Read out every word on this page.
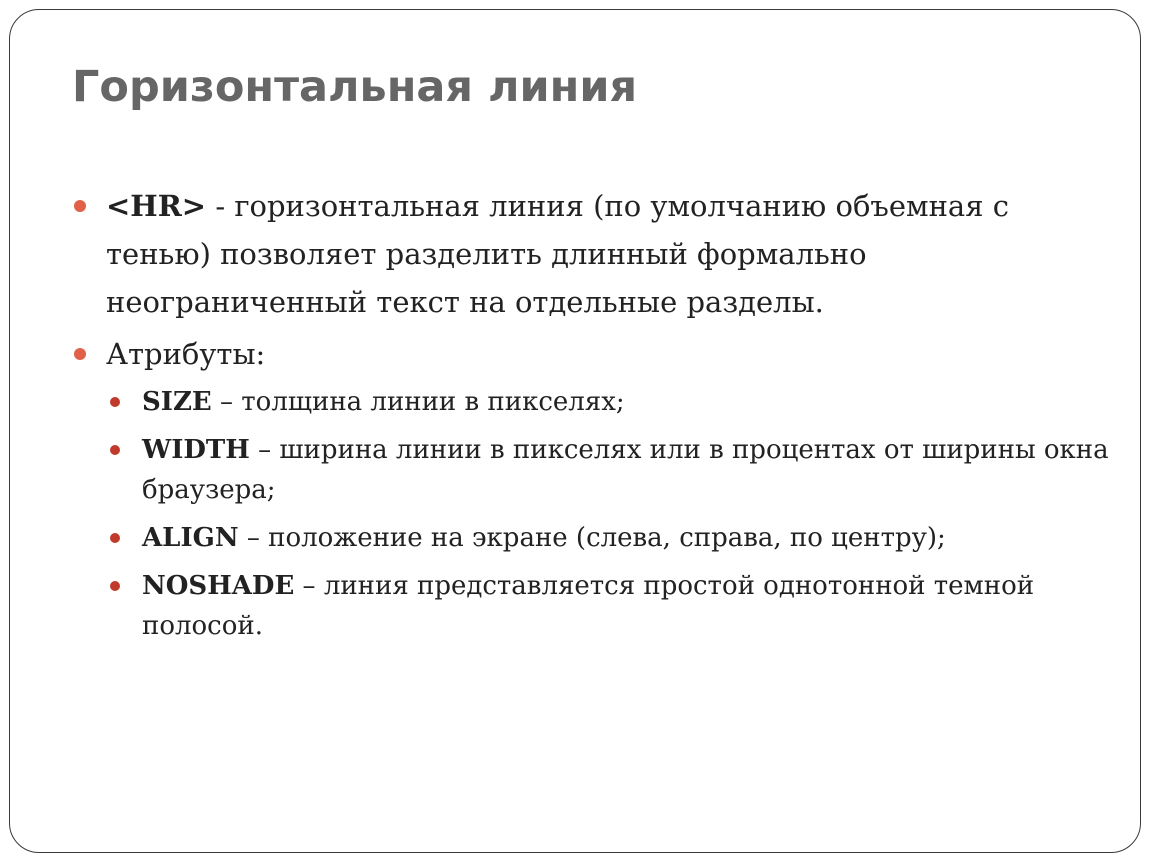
Горизонтальная линия
<HR> - горизонтальная линия (по умолчанию объемная с тенью) позволяет разделить длинный формально неограниченный текст на отдельные разделы.
Атрибуты:
SIZE – толщина линии в пикселях;
WIDTH – ширина линии в пикселях или в процентах от ширины окна браузера;
ALIGN – положение на экране (слева, справа, по центру);
NOSHADE – линия представляется простой однотонной темной полосой.
